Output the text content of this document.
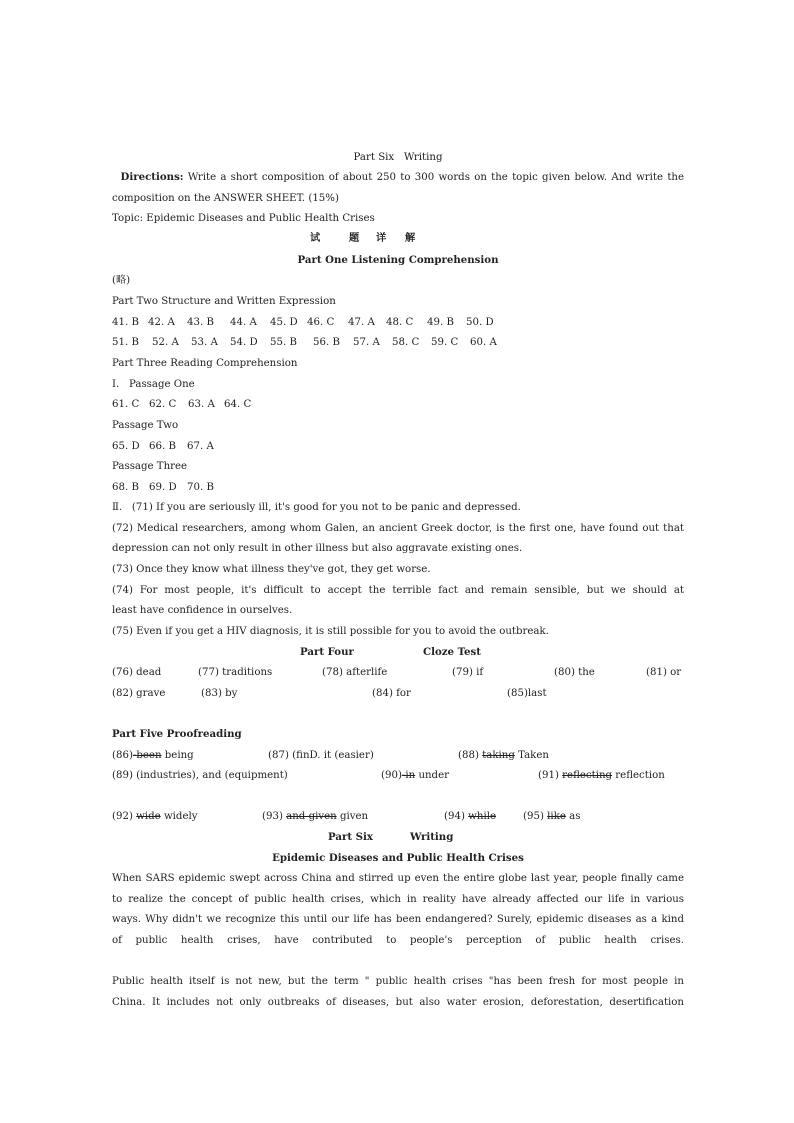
Part Six Writing
Directions: Write a short composition of about 250 to 300 words on the topic given below. And write the
composition on the ANSWER SHEET. (15%)
Topic: Epidemic Diseases and Public Health Crises
试	题 详 解
Part One Listening Comprehension
(略)
Part Two Structure and Written Expression
41. B 42. A 43. B 44. A 45. D 46. C 47. A 48. C 49. B 50. D
51. B 52. A 53. A 54. D 55. B 56. B 57. A 58. C 59. C 60. A
Part Three Reading Comprehension
Ⅰ. Passage One
61. C 62. C 63. A 64. C
Passage Two
65. D 66. B 67. A
Passage Three
68. B 69. D 70. B
Ⅱ. (71) If you are seriously ill, it's good for you not to be panic and depressed.
(72) Medical researchers, among whom Galen, an ancient Greek doctor, is the first one, have found out that
depression can not only result in other illness but also aggravate existing ones.
(73) Once they know what illness they've got, they get worse.
(74) For most people, it's difficult to accept the terrible fact and remain sensible, but we should at
least have confidence in ourselves.
(75) Even if you get a HIV diagnosis, it is still possible for you to avoid the outbreak.
Part Four	Cloze Test
(76) dead	(77) traditions	(78) afterlife	(79) if	(80) the	(81) or
(82) grave	(83) by	(84) for	(85)last
Part Five Proofreading
(86)-been being	(87) (finD. it (easier)	(88) taking Taken
(89) (industries), and (equipment)	(90)-in under	(91) reflecting reflection
(92) wide widely	(93) and given given	(94) while	(95) like as
Part Six	Writing
Epidemic Diseases and Public Health Crises
When SARS epidemic swept across China and stirred up even the entire globe last year, people finally came
to realize the concept of public health crises, which in reality have already affected our life in various
ways. Why didn't we recognize this until our life has been endangered? Surely, epidemic diseases as a kind
of public health crises, have contributed to people's perception of public health crises.
Public health itself is not new, but the term " public health crises "has been fresh for most people in
China. It includes not only outbreaks of diseases, but also water erosion, deforestation, desertification
